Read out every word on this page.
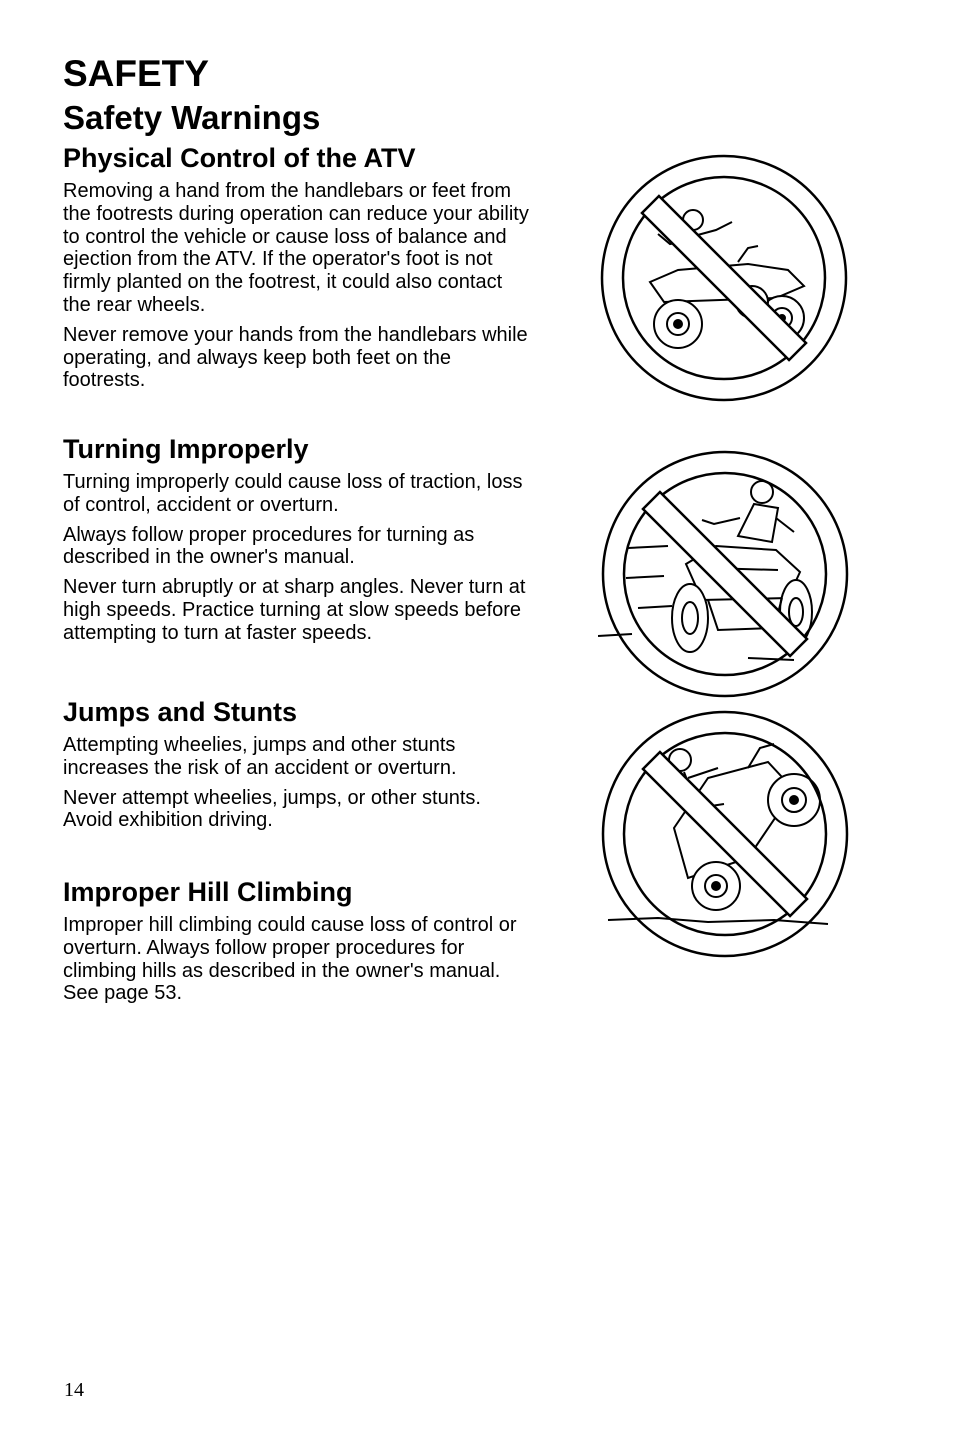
SAFETY
Safety Warnings
Physical Control of the ATV

Removing a hand from the handlebars or feet from the footrests during operation can reduce your ability to control the vehicle or cause loss of balance and ejection from the ATV. If the operator's foot is not firmly planted on the footrest, it could also contact the rear wheels.

Never remove your hands from the handlebars while operating, and always keep both feet on the footrests.

Turning Improperly

Turning improperly could cause loss of traction, loss of control, accident or overturn.

Always follow proper procedures for turning as described in the owner's manual.

Never turn abruptly or at sharp angles. Never turn at high speeds. Practice turning at slow speeds before attempting to turn at faster speeds.

Jumps and Stunts

Attempting wheelies, jumps and other stunts increases the risk of an accident or overturn.

Never attempt wheelies, jumps, or other stunts. Avoid exhibition driving.

Improper Hill Climbing

Improper hill climbing could cause loss of control or overturn. Always follow proper procedures for climbing hills as described in the owner's manual. See page 53.

14
